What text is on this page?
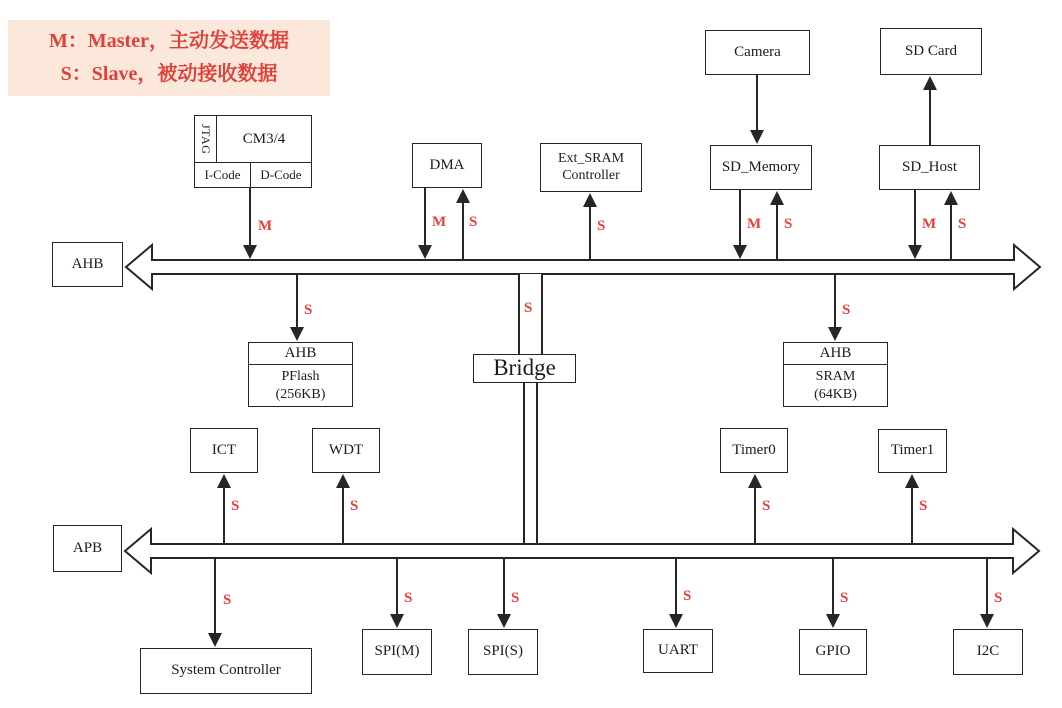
M：Master，主动发送数据
S：Slave，被动接收数据
M	M S	S	M S	M S
S	S
S	S	S	S
S	S	S	S	S	S
S
Bridge
JTAG	CM3/4
I-Code	D-Code
DMA	Ext_SRAM
Controller
Camera
SD_Memory
SD Card
SD_Host
AHB
AHB
PFlash
(256KB)
AHB
SRAM
(64KB)
ICT	WDT	Timer0	Timer1
APB
System Controller
SPI(M)	SPI(S)	UART	GPIO	I2C
